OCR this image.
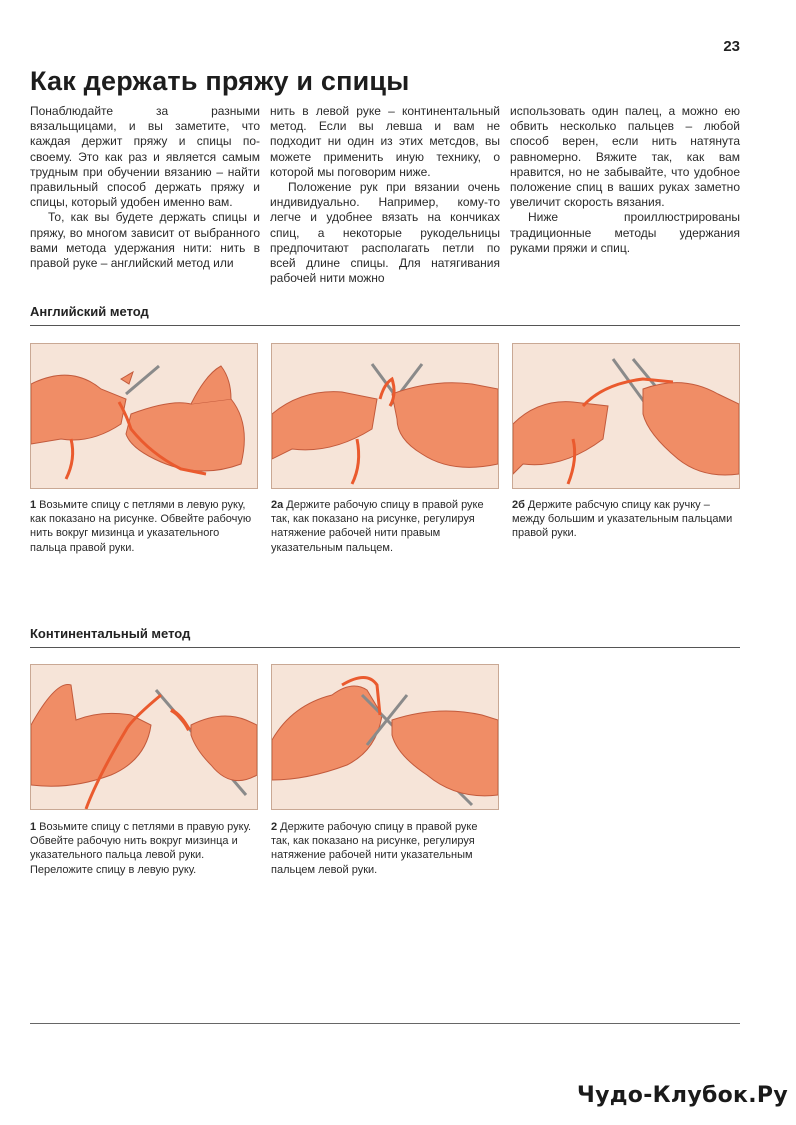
23
Как держать пряжу и спицы

Понаблюдайте за разными вязальщицами, и вы заметите, что каждая держит пряжу и спицы по-своему. Это как раз и является самым трудным при обучении вязанию – найти правильный способ держать пряжу и спицы, который удобен именно вам.

То, как вы будете держать спицы и пряжу, во многом зависит от выбранного вами метода удержания нити: нить в правой руке – английский метод или

нить в левой руке – континентальный метод. Если вы левша и вам не подходит ни один из этих метсдов, вы можете применить иную технику, о которой мы поговорим ниже.

Положение рук при вязании очень индивидуально. Например, кому-то легче и удобнее вязать на кончиках спиц, а некоторые рукодельницы предпочитают располагать петли по всей длине спицы. Для натягивания рабочей нити можно

использовать один палец, а можно ею обвить несколько пальцев – любой способ верен, если нить натянута равномерно. Вяжите так, как вам нравится, но не забывайте, что удобное положение спиц в ваших руках заметно увеличит скорость вязания.

Ниже проиллюстрированы традиционные методы удержания руками пряжи и спиц.

Английский метод

1 Возьмите спицу с петлями в левую руку, как показано на рисунке. Обвейте рабочую нить вокруг мизинца и указательного пальца правой руки.

2а Держите рабочую спицу в правой руке так, как показано на рисунке, регулируя натяжение рабочей нити правым указательным пальцем.

2б Держите рабсчую спицу как ручку – между большим и указательным пальцами правой руки.

Континентальный метод

1 Возьмите спицу с петлями в правую руку. Обвейте рабочую нить вокруг мизинца и указательного пальца левой руки. Переложите спицу в левую руку.

2 Держите рабочую спицу в правой руке так, как показано на рисунке, регулируя натяжение рабочей нити указательным пальцем левой руки.

Чудо-Клубок.Ру
